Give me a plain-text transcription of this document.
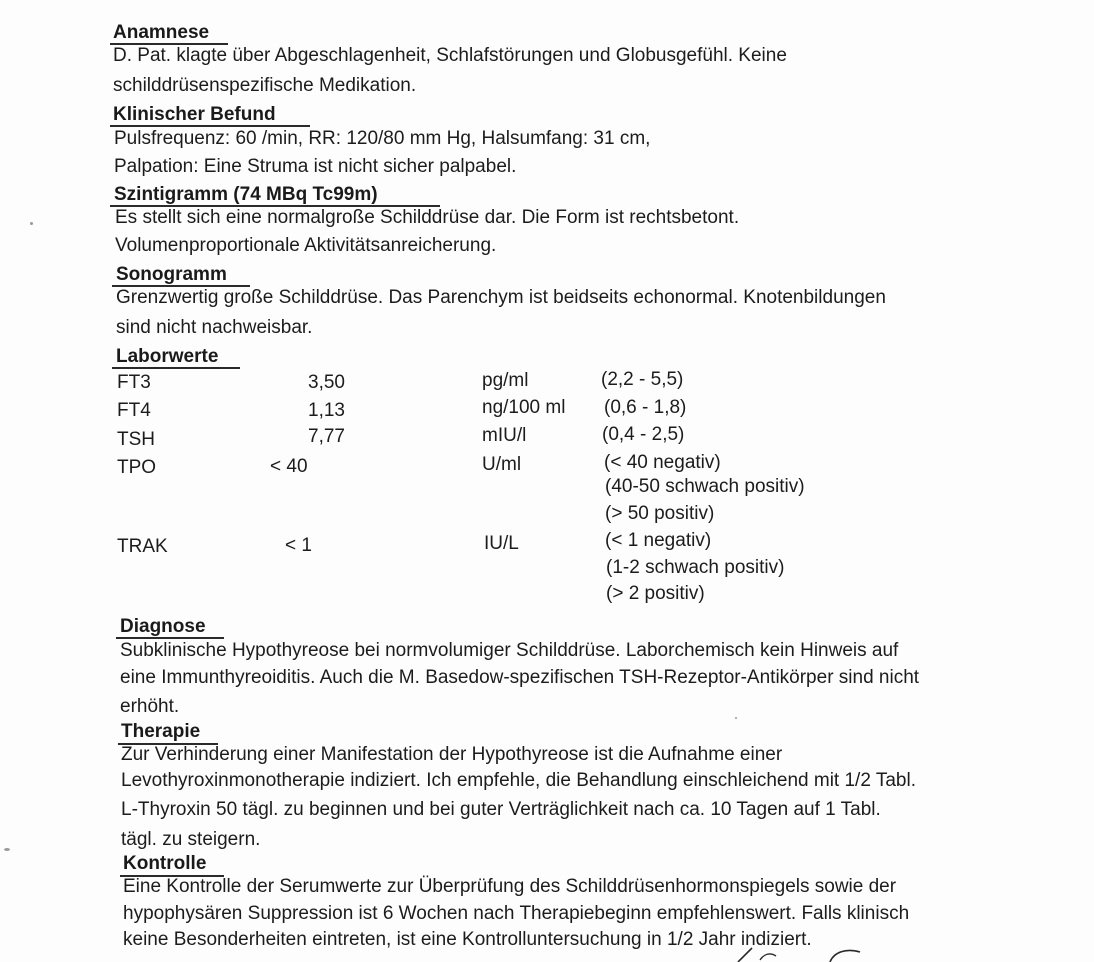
Anamnese
D. Pat. klagte über Abgeschlagenheit, Schlafstörungen und Globusgefühl. Keine
schilddrüsenspezifische Medikation.
Klinischer Befund
Pulsfrequenz: 60 /min, RR: 120/80 mm Hg, Halsumfang: 31 cm,
Palpation: Eine Struma ist nicht sicher palpabel.
Szintigramm (74 MBq Tc99m)
Es stellt sich eine normalgroße Schilddrüse dar. Die Form ist rechtsbetont.
Volumenproportionale Aktivitätsanreicherung.
Sonogramm
Grenzwertig große Schilddrüse. Das Parenchym ist beidseits echonormal. Knotenbildungen
sind nicht nachweisbar.
Laborwerte
FT3	3,50	pg/ml	(2,2 - 5,5)
FT4	1,13	ng/100 ml (0,6 - 1,8)
TSH	7,77	mIU/l	(0,4 - 2,5)
TPO	< 40	U/ml	(< 40 negativ)
(40-50 schwach positiv)
(> 50 positiv)
TRAK	< 1	IU/L	(< 1 negativ)
(1-2 schwach positiv)
(> 2 positiv)
Diagnose
Subklinische Hypothyreose bei normvolumiger Schilddrüse. Laborchemisch kein Hinweis auf
eine Immunthyreoiditis. Auch die M. Basedow-spezifischen TSH-Rezeptor-Antikörper sind nicht
erhöht.
Therapie
Zur Verhinderung einer Manifestation der Hypothyreose ist die Aufnahme einer
Levothyroxinmonotherapie indiziert. Ich empfehle, die Behandlung einschleichend mit 1/2 Tabl.
L-Thyroxin 50 tägl. zu beginnen und bei guter Verträglichkeit nach ca. 10 Tagen auf 1 Tabl.
tägl. zu steigern.
Kontrolle
Eine Kontrolle der Serumwerte zur Überprüfung des Schilddrüsenhormonspiegels sowie der
hypophysären Suppression ist 6 Wochen nach Therapiebeginn empfehlenswert. Falls klinisch
keine Besonderheiten eintreten, ist eine Kontrolluntersuchung in 1/2 Jahr indiziert.
